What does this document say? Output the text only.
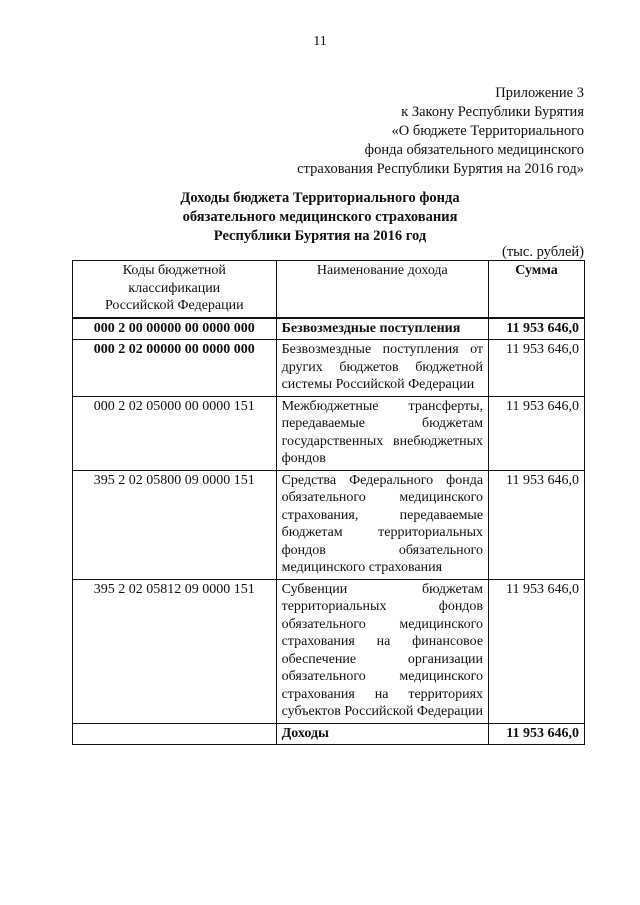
11
Приложение 3
к Закону Республики Бурятия
«О бюджете Территориального
фонда обязательного медицинского
страхования Республики Бурятия на 2016 год»
Доходы бюджета Территориального фонда
обязательного медицинского страхования
Республики Бурятия на 2016 год
(тыс. рублей)
Коды бюджетной классификации Российской Федерации	Наименование дохода	Сумма
000 2 00 00000 00 0000 000	Безвозмездные поступления	11 953 646,0
000 2 02 00000 00 0000 000	Безвозмездные поступления от других бюджетов бюджетной системы Российской Федерации	11 953 646,0
000 2 02 05000 00 0000 151	Межбюджетные трансферты, передаваемые бюджетам государственных внебюджетных фондов	11 953 646,0
395 2 02 05800 09 0000 151	Средства Федерального фонда обязательного медицинского страхования, передаваемые бюджетам территориальных фондов обязательного медицинского страхования	11 953 646,0
395 2 02 05812 09 0000 151	Субвенции бюджетам территориальных фондов обязательного медицинского страхования на финансовое обеспечение организации обязательного медицинского страхования на территориях субъектов Российской Федерации	11 953 646,0
	Доходы	11 953 646,0
